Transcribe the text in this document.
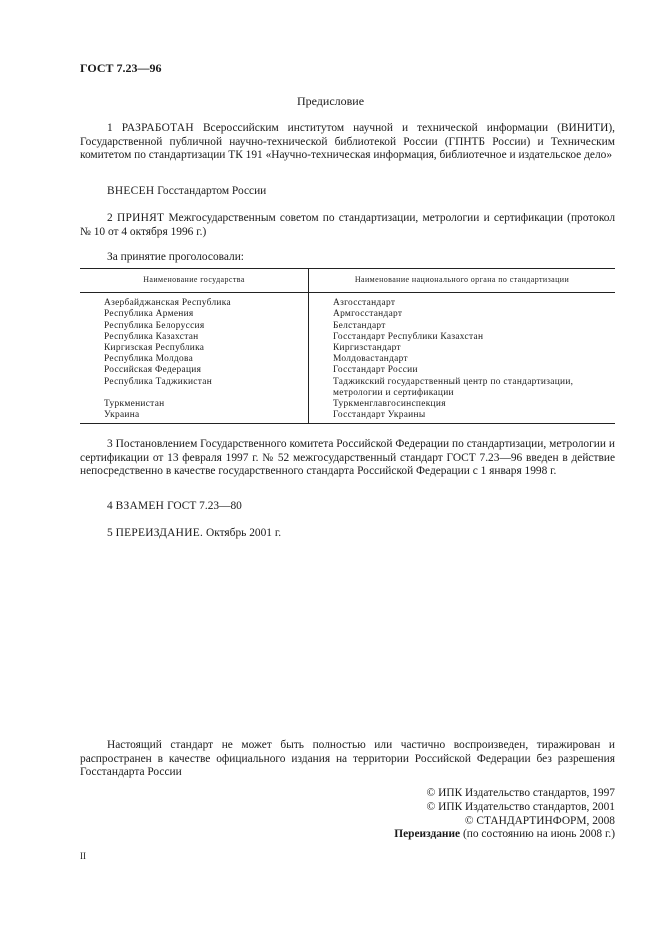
ГОСТ 7.23—96
Предисловие

1 РАЗРАБОТАН Всероссийским институтом научной и технической информации (ВИНИТИ), Государственной публичной научно-технической библиотекой России (ГПНТБ России) и Техническим комитетом по стандартизации ТК 191 «Научно-техническая информация, библиотечное и издательское дело»

ВНЕСЕН Госстандартом России

2 ПРИНЯТ Межгосударственным советом по стандартизации, метрологии и сертификации (протокол № 10 от 4 октября 1996 г.)

За принятие проголосовали:

Наименование государства	Наименование национального органа по стандартизации
Азербайджанская Республика	Азгосстандарт
Республика Армения	Армгосстандарт
Республика Белоруссия	Белстандарт
Республика Казахстан	Госстандарт Республики Казахстан
Киргизская Республика	Киргизстандарт
Республика Молдова	Молдовастандарт
Российская Федерация	Госстандарт России
Республика Таджикистан	Таджикский государственный центр по стандартизации, метрологии и сертификации
Туркменистан	Туркменглавгосинспекция
Украина	Госстандарт Украины

3 Постановлением Государственного комитета Российской Федерации по стандартизации, метрологии и сертификации от 13 февраля 1997 г. № 52 межгосударственный стандарт ГОСТ 7.23—96 введен в действие непосредственно в качестве государственного стандарта Российской Федерации с 1 января 1998 г.

4 ВЗАМЕН ГОСТ 7.23—80

5 ПЕРЕИЗДАНИЕ. Октябрь 2001 г.

Настоящий стандарт не может быть полностью или частично воспроизведен, тиражирован и распространен в качестве официального издания на территории Российской Федерации без разрешения Госстандарта России

© ИПК Издательство стандартов, 1997
© ИПК Издательство стандартов, 2001
© СТАНДАРТИНФОРМ, 2008
Переиздание (по состоянию на июнь 2008 г.)
II
